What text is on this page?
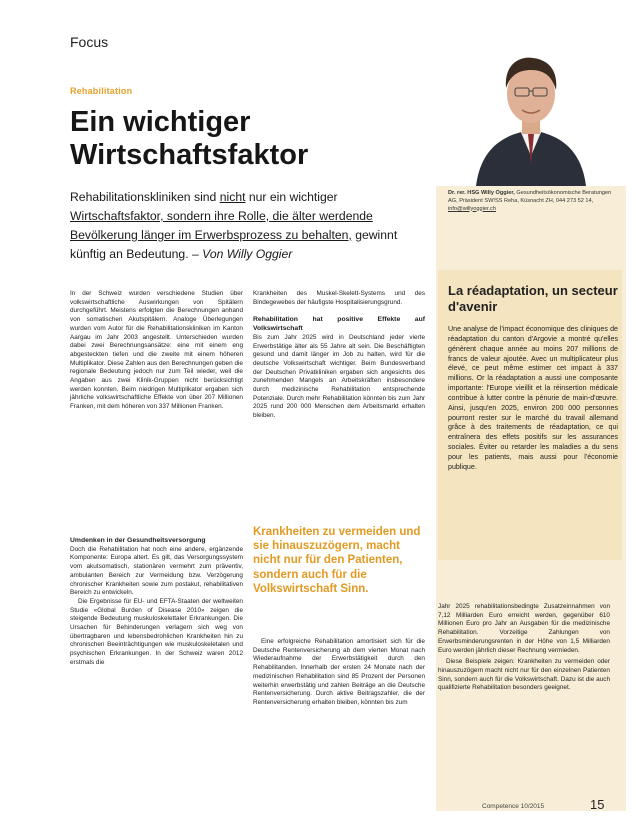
Dr. rer. HSG Willy Oggier, Gesundheitsökonomische Beratungen AG, Präsident SW!SS Reha, Küsnacht ZH, 044 273 52 14, info@willyoggier.ch
La réadaptation, un secteur d'avenir
Une analyse de l'impact économique des cliniques de réadaptation du canton d'Argovie a montré qu'elles génèrent chaque année au moins 207 millions de francs de valeur ajoutée. Avec un multiplicateur plus élevé, ce peut même estimer cet impact à 337 millions. Or la réadaptation a aussi une composante importante: l'Europe vieillit et la réinsertion médicale contribue à lutter contre la pénurie de main-d'œuvre. Ainsi, jusqu'en 2025, environ 200 000 personnes pourront rester sur le marché du travail allemand grâce à des traitements de réadaptation, ce qui entraînera des effets positifs sur les assurances sociales. Éviter ou retarder les maladies a du sens pour les patients, mais aussi pour l'économie publique.
Focus
Rehabilitation
Ein wichtiger Wirtschaftsfaktor
Rehabilitationskliniken sind nicht nur ein wichtiger Wirtschaftsfaktor, sondern ihre Rolle, die älter werdende Bevölkerung länger im Erwerbsprozess zu behalten, gewinnt künftig an Bedeutung. – Von Willy Oggier

In der Schweiz wurden verschiedene Studien über volkswirtschaftliche Auswirkungen von Spitälern durchgeführt. Meistens erfolgten die Berechnungen anhand von somatischen Akutspitälern. Analoge Überlegungen wurden vom Autor für die Rehabilitationskliniken im Kanton Aargau im Jahr 2003 angestellt. Unterschieden wurden dabei zwei Berechnungsansätze: eine mit einem eng abgesteckten tiefen und die zweite mit einem höheren Multiplikator. Diese Zahlen aus den Berechnungen geben die regionale Bedeutung jedoch nur zum Teil wieder, weil die Angaben aus zwei Klinik-Gruppen nicht berücksichtigt werden konnten. Beim niedrigen Multiplikator ergaben sich jährliche volkswirtschaftliche Effekte von über 207 Millionen Franken, mit dem höheren von 337 Millionen Franken.

Umdenken in der Gesundheitsversorgung

Doch die Rehabilitation hat noch eine andere, ergänzende Komponente: Europa altert. Es gilt, das Versorgungssystem vom akutsomatisch, stationären vermehrt zum präventiv, ambulanten Bereich zur Vermeidung bzw. Verzögerung chronischer Krankheiten sowie zum postakut, rehabilitativen Bereich zu entwickeln.

Die Ergebnisse für EU- und EFTA-Staaten der weltweiten Studie «Global Burden of Disease 2010» zeigen die steigende Bedeutung muskuloskelettaler Erkrankungen. Die Ursachen für Behinderungen verlagern sich weg von übertragbaren und lebensbedrohlichen Krankheiten hin zu chronischen Beeinträchtigungen wie muskuloskeletalen und psychischen Erkrankungen. In der Schweiz waren 2012 erstmals die

Krankheiten des Muskel-Skelett-Systems und des Bindegewebes der häufigste Hospitalisierungsgrund.

Rehabilitation hat positive Effekte auf Volkswirtschaft

Bis zum Jahr 2025 wird in Deutschland jeder vierte Erwerbstätige älter als 55 Jahre alt sein. Die Beschäftigten gesund und damit länger im Job zu halten, wird für die deutsche Volkswirtschaft wichtiger. Beim Bundesverband der Deutschen Privatkliniken ergaben sich angesichts des zunehmenden Mangels an Arbeitskräften insbesondere durch medizinische Rehabilitation entsprechende Potenziale. Durch mehr Rehabilitation könnten bis zum Jahr 2025 rund 200 000 Menschen dem Arbeitsmarkt erhalten bleiben.

Krankheiten zu vermeiden und sie hinauszuzögern, macht nicht nur für den Patienten, sondern auch für die Volkswirtschaft Sinn.

Eine erfolgreiche Rehabilitation amortisiert sich für die Deutsche Rentenversicherung ab dem vierten Monat nach Wiederaufnahme der Erwerbstätigkeit durch den Rehabilitanden. Innerhalb der ersten 24 Monate nach der medizinischen Rehabilitation sind 85 Prozent der Personen weiterhin erwerbstätig und zahlen Beiträge an die Deutsche Rentenversicherung. Durch aktive Beitragszahler, die der Rentenversicherung erhalten bleiben, könnten bis zum

Jahr 2025 rehabilitationsbedingte Zusatzeinnahmen von 7,12 Milliarden Euro erreicht werden, gegenüber 610 Millionen Euro pro Jahr an Ausgaben für die medizinische Rehabilitation. Vorzeitige Zahlungen von Erwerbsminderungsrenten in der Höhe von 1,5 Milliarden Euro werden jährlich dieser Rechnung vermieden.

Diese Beispiele zeigen: Krankheiten zu vermeiden oder hinauszuzögern macht nicht nur für den einzelnen Patienten Sinn, sondern auch für die Volkswirtschaft. Dazu ist die auch qualifizierte Rehabilitation besonders geeignet.

Competence 10/2015	15
